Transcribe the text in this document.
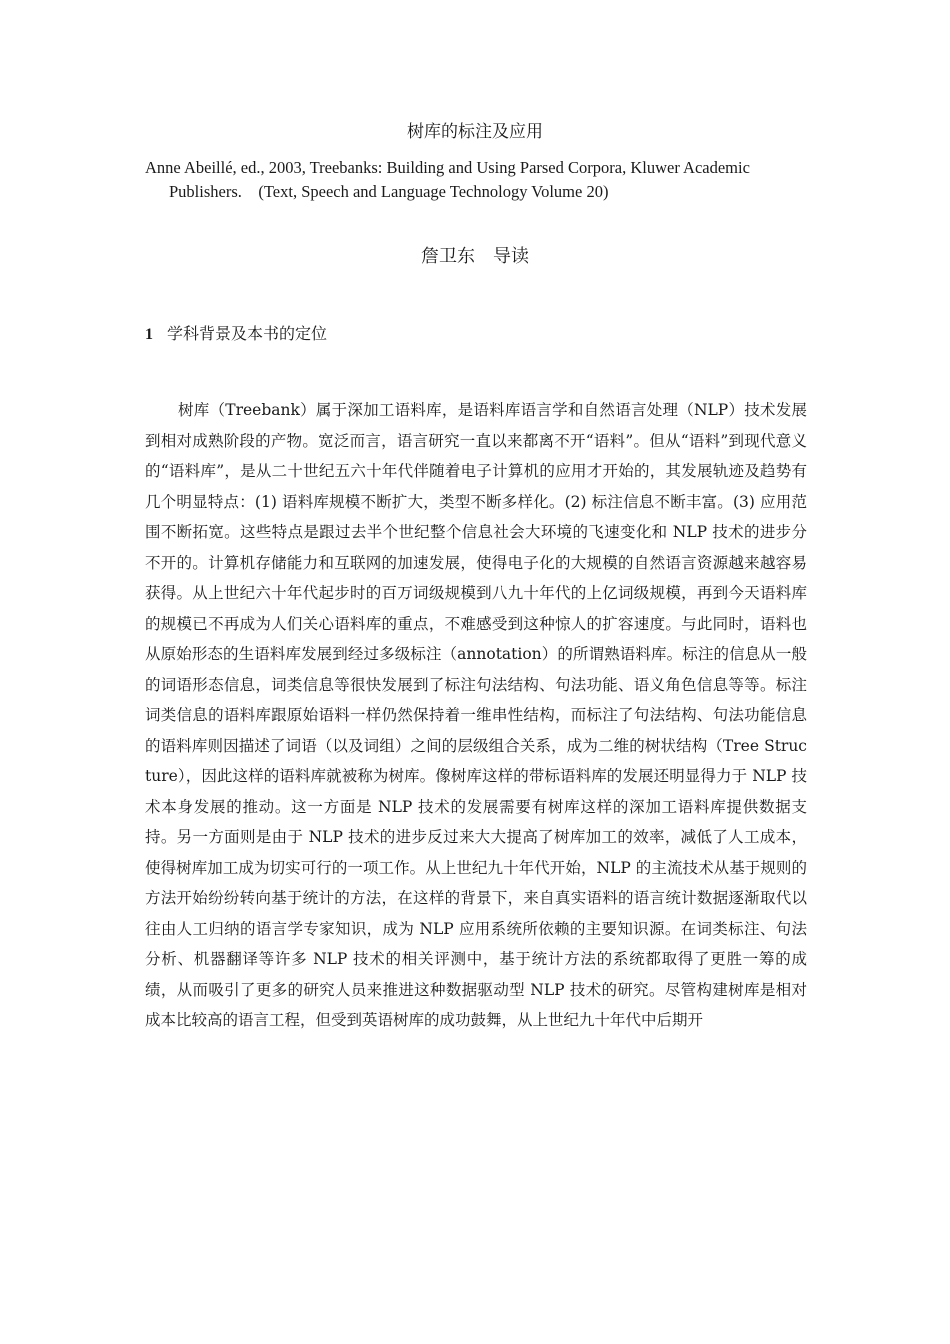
树库的标注及应用
Anne Abeillé, ed., 2003, Treebanks: Building and Using Parsed Corpora, Kluwer Academic
Publishers.　(Text, Speech and Language Technology Volume 20)
詹卫东　导读
1 学科背景及本书的定位
树库（Treebank）属于深加工语料库，是语料库语言学和自然语言处理（NLP）技术发展到相对成熟阶段的产物。宽泛而言，语言研究一直以来都离不开“语料”。但从“语料”到现代意义的“语料库”，是从二十世纪五六十年代伴随着电子计算机的应用才开始的，其发展轨迹及趋势有几个明显特点：(1) 语料库规模不断扩大，类型不断多样化。(2) 标注信息不断丰富。(3) 应用范围不断拓宽。这些特点是跟过去半个世纪整个信息社会大环境的飞速变化和 NLP 技术的进步分不开的。计算机存储能力和互联网的加速发展，使得电子化的大规模的自然语言资源越来越容易获得。从上世纪六十年代起步时的百万词级规模到八九十年代的上亿词级规模，再到今天语料库的规模已不再成为人们关心语料库的重点，不难感受到这种惊人的扩容速度。与此同时，语料也从原始形态的生语料库发展到经过多级标注（annotation）的所谓熟语料库。标注的信息从一般的词语形态信息，词类信息等很快发展到了标注句法结构、句法功能、语义角色信息等等。标注词类信息的语料库跟原始语料一样仍然保持着一维串性结构，而标注了句法结构、句法功能信息的语料库则因描述了词语（以及词组）之间的层级组合关系，成为二维的树状结构（Tree Structure），因此这样的语料库就被称为树库。像树库这样的带标语料库的发展还明显得力于 NLP 技术本身发展的推动。这一方面是 NLP 技术的发展需要有树库这样的深加工语料库提供数据支持。另一方面则是由于 NLP 技术的进步反过来大大提高了树库加工的效率，减低了人工成本，使得树库加工成为切实可行的一项工作。从上世纪九十年代开始，NLP 的主流技术从基于规则的方法开始纷纷转向基于统计的方法，在这样的背景下，来自真实语料的语言统计数据逐渐取代以往由人工归纳的语言学专家知识，成为 NLP 应用系统所依赖的主要知识源。在词类标注、句法分析、机器翻译等许多 NLP 技术的相关评测中，基于统计方法的系统都取得了更胜一筹的成绩，从而吸引了更多的研究人员来推进这种数据驱动型 NLP 技术的研究。尽管构建树库是相对成本比较高的语言工程，但受到英语树库的成功鼓舞，从上世纪九十年代中后期开
